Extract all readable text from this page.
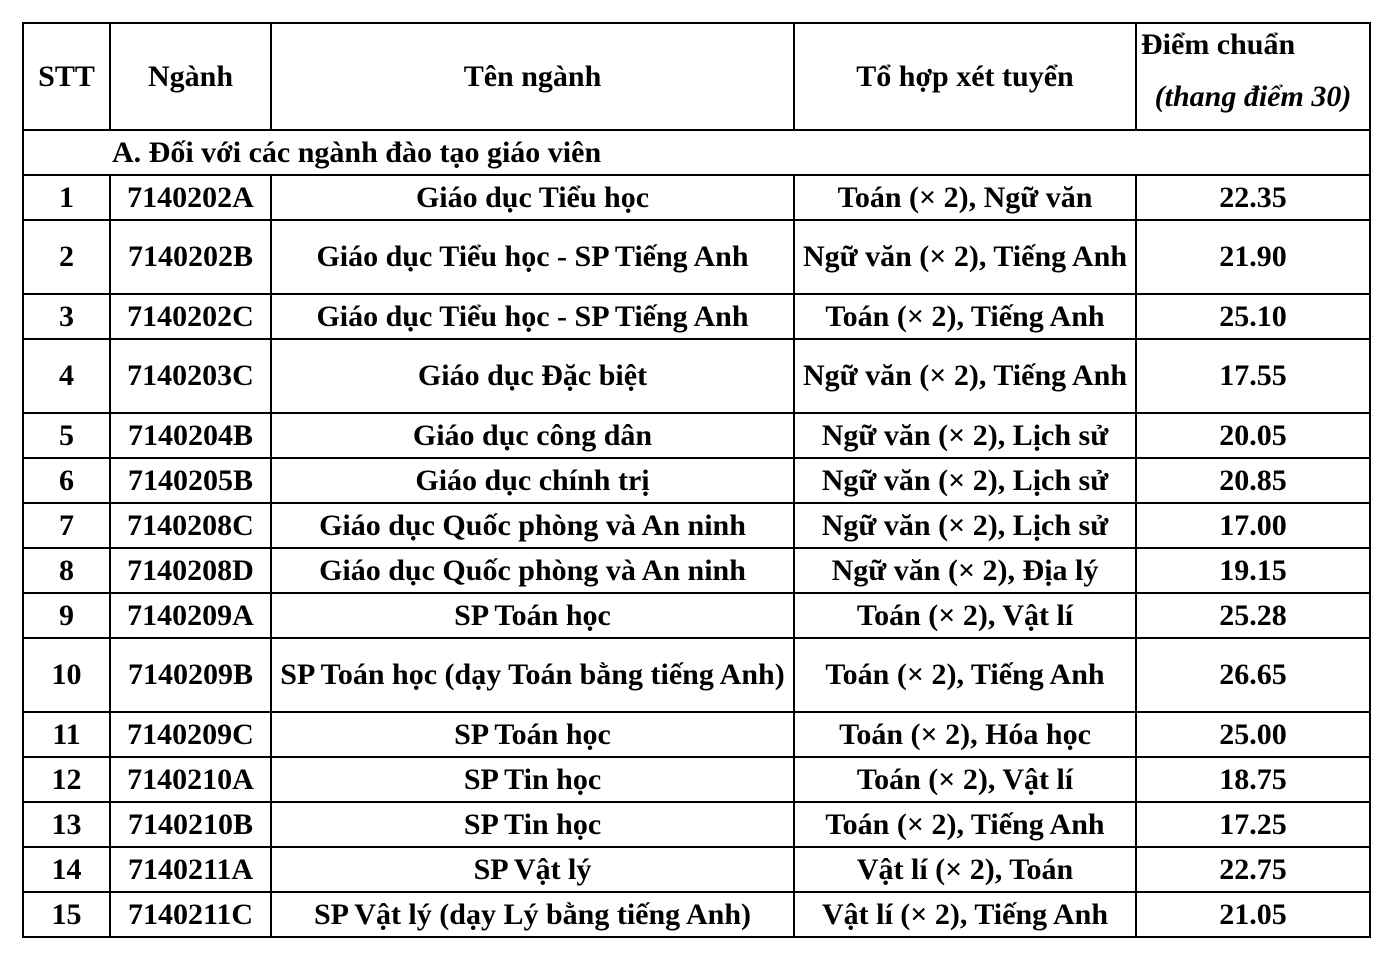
STT	Ngành	Tên ngành	Tổ hợp xét tuyển	Điểm chuẩn
(thang điểm 30)

	A. Đối với các ngành đào tạo giáo viên			
1	7140202A	Giáo dục Tiểu học	Toán (× 2), Ngữ văn	22.35
2	7140202B	Giáo dục Tiểu học - SP Tiếng Anh	Ngữ văn (× 2), Tiếng Anh	21.90
3	7140202C	Giáo dục Tiểu học - SP Tiếng Anh	Toán (× 2), Tiếng Anh	25.10
4	7140203C	Giáo dục Đặc biệt	Ngữ văn (× 2), Tiếng Anh	17.55
5	7140204B	Giáo dục công dân	Ngữ văn (× 2), Lịch sử	20.05
6	7140205B	Giáo dục chính trị	Ngữ văn (× 2), Lịch sử	20.85
7	7140208C	Giáo dục Quốc phòng và An ninh	Ngữ văn (× 2), Lịch sử	17.00
8	7140208D	Giáo dục Quốc phòng và An ninh	Ngữ văn (× 2), Địa lý	19.15
9	7140209A	SP Toán học	Toán (× 2), Vật lí	25.28
10	7140209B	SP Toán học (dạy Toán bằng tiếng Anh)	Toán (× 2), Tiếng Anh	26.65
11	7140209C	SP Toán học	Toán (× 2), Hóa học	25.00
12	7140210A	SP Tin học	Toán (× 2), Vật lí	18.75
13	7140210B	SP Tin học	Toán (× 2), Tiếng Anh	17.25
14	7140211A	SP Vật lý	Vật lí (× 2), Toán	22.75
15	7140211C	SP Vật lý (dạy Lý bằng tiếng Anh)	Vật lí (× 2), Tiếng Anh	21.05
